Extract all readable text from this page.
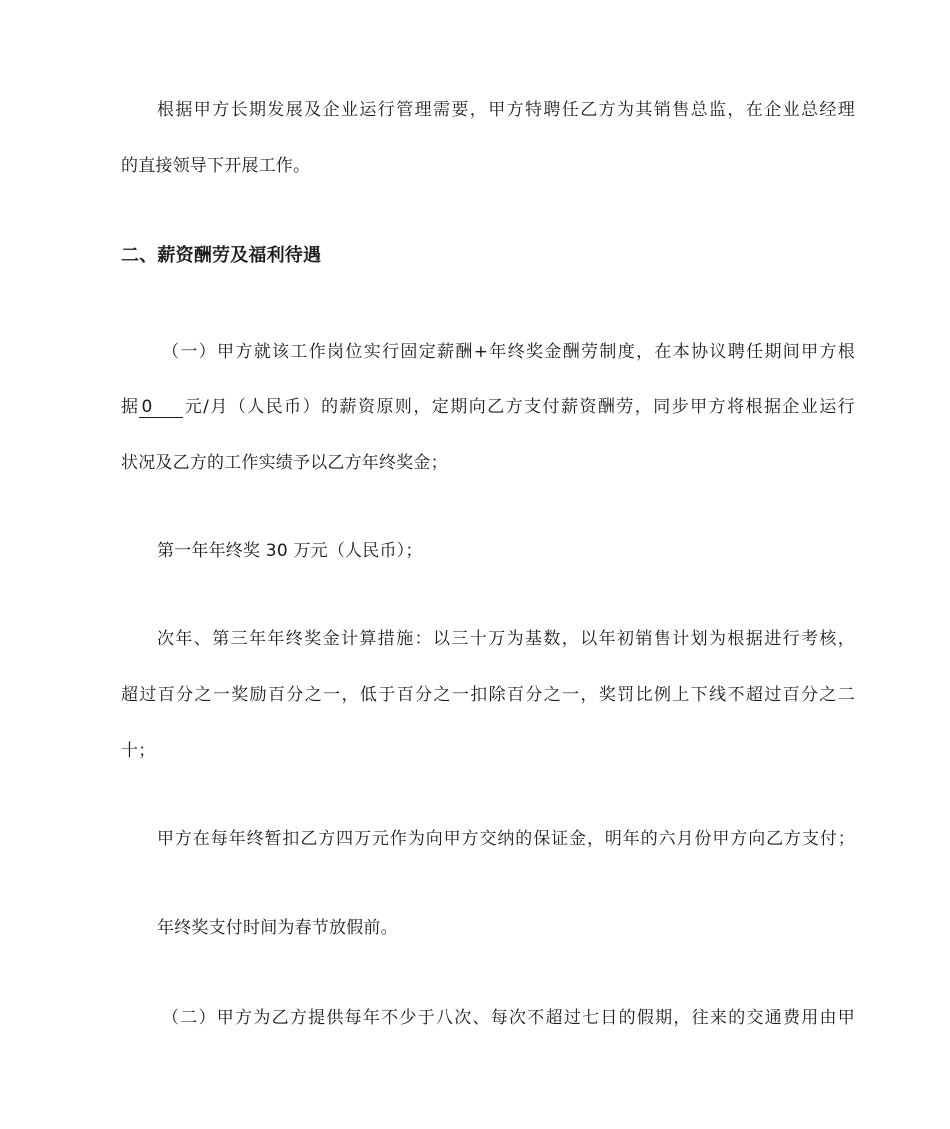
根据甲方长期发展及企业运行管理需要，甲方特聘任乙方为其销售总监，在企业总经理
的直接领导下开展工作。
二、薪资酬劳及福利待遇
（一）甲方就该工作岗位实行固定薪酬+年终奖金酬劳制度，在本协议聘任期间甲方根
据 0 元/月（人民币）的薪资原则，定期向乙方支付薪资酬劳，同步甲方将根据企业运行
状况及乙方的工作实绩予以乙方年终奖金；
第一年年终奖 30 万元（人民币）；
次年、第三年年终奖金计算措施：以三十万为基数，以年初销售计划为根据进行考核，
超过百分之一奖励百分之一，低于百分之一扣除百分之一，奖罚比例上下线不超过百分之二
十；
甲方在每年终暂扣乙方四万元作为向甲方交纳的保证金，明年的六月份甲方向乙方支付；
年终奖支付时间为春节放假前。
（二）甲方为乙方提供每年不少于八次、每次不超过七日的假期，往来的交通费用由甲
